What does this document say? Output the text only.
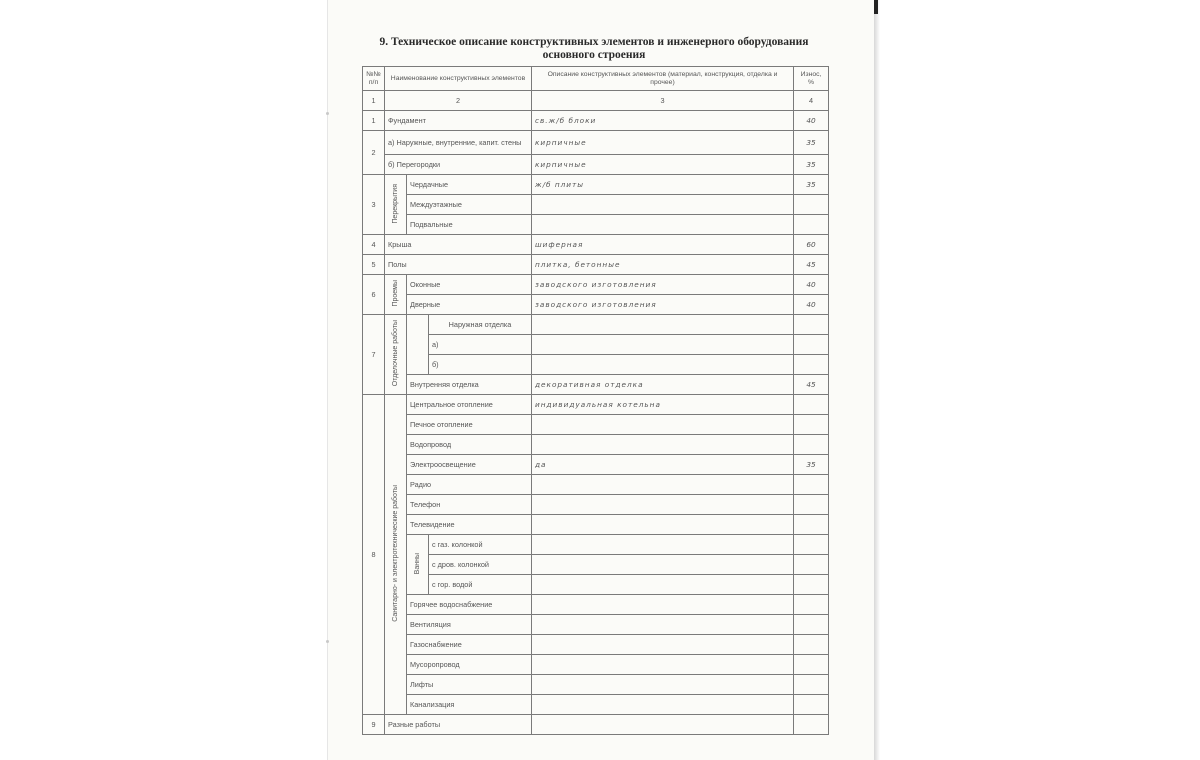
9. Техническое описание конструктивных элементов и инженерного оборудования основного строения
№№ п/п	Наименование конструктивных элементов			Описание конструктивных элементов (материал, конструкция, отделка и прочее)	Износ, %
1	2			3	4
1	Фундамент			св.ж/б блоки	40
2	а) Наружные, внутренние, капит. стены			кирпичные	35
	б) Перегородки			кирпичные	35
3	Перекрытия	Чердачные		ж/б плиты	35
		Междуэтажные			
		Подвальные			
4	Крыша			шиферная	60
5	Полы			плитка, бетонные	45
6	Проемы	Оконные		заводского изготовления	40
		Дверные		заводского изготовления	40
7	Отделочные работы		Наружная отделка		
			а)		
			б)		
		Внутренняя отделка		декоративная отделка	45
8	Санитарно- и электротехнические работы	Центральное отопление		индивидуальная котельна	
		Печное отопление			
		Водопровод			
		Электроосвещение		да	35
		Радио			
		Телефон			
		Телевидение			
		Ванны	с газ. колонкой		
			с дров. колонкой		
			с гор. водой		
		Горячее водоснабжение			
		Вентиляция			
		Газоснабжение			
		Мусоропровод			
		Лифты			
		Канализация			
9	Разные работы				
